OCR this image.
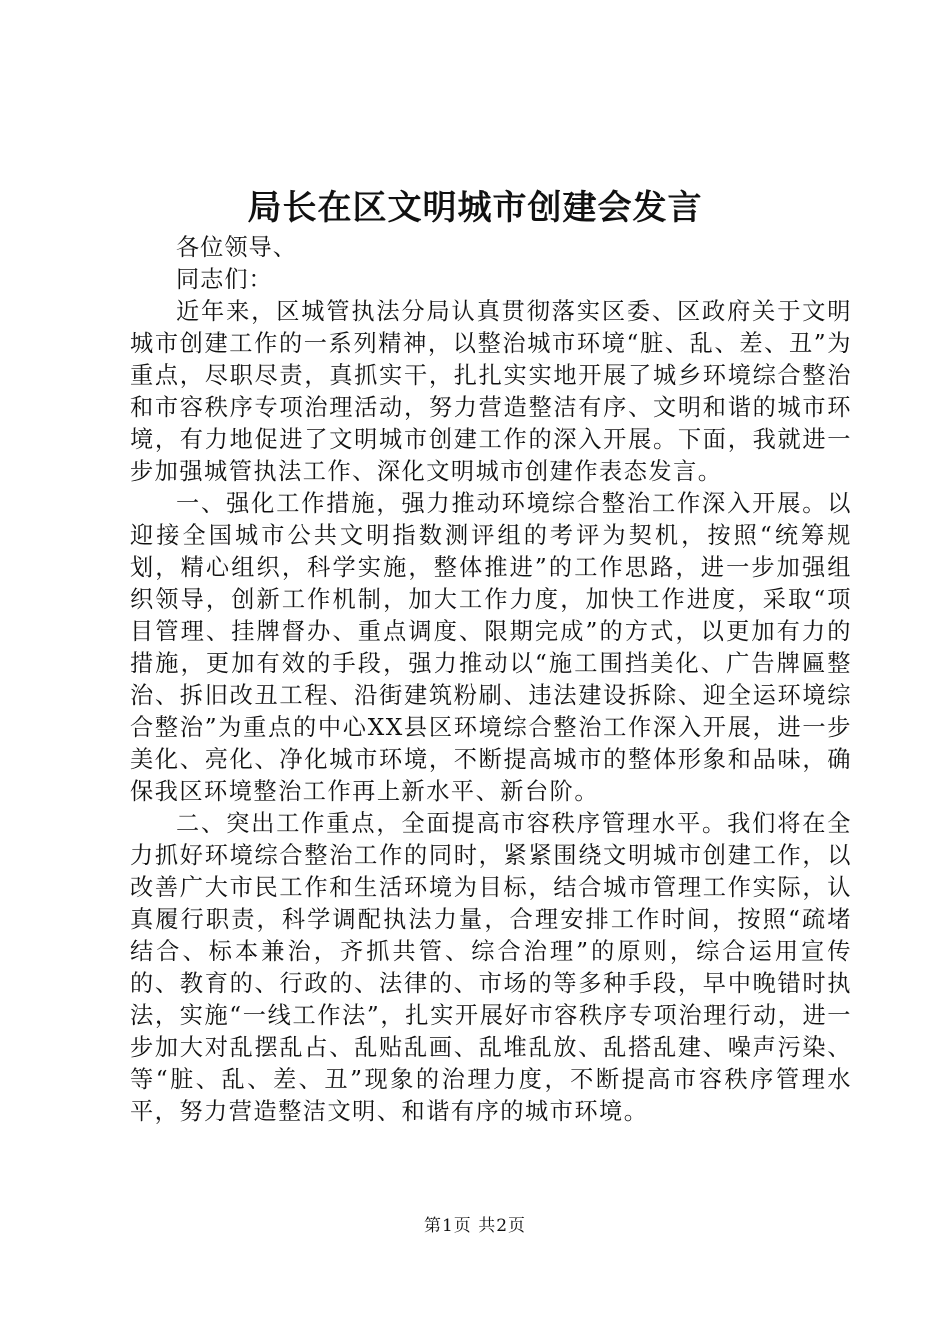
局长在区文明城市创建会发言

各位领导、

同志们：

近年来，区城管执法分局认真贯彻落实区委、区政府关于文明城市创建工作的一系列精神，以整治城市环境“脏、乱、差、丑”为重点，尽职尽责，真抓实干，扎扎实实地开展了城乡环境综合整治和市容秩序专项治理活动，努力营造整洁有序、文明和谐的城市环境，有力地促进了文明城市创建工作的深入开展。下面，我就进一步加强城管执法工作、深化文明城市创建作表态发言。

一、强化工作措施，强力推动环境综合整治工作深入开展。以迎接全国城市公共文明指数测评组的考评为契机，按照“统筹规划，精心组织，科学实施，整体推进”的工作思路，进一步加强组织领导，创新工作机制，加大工作力度，加快工作进度，采取“项目管理、挂牌督办、重点调度、限期完成”的方式，以更加有力的措施，更加有效的手段，强力推动以“施工围挡美化、广告牌匾整治、拆旧改丑工程、沿街建筑粉刷、违法建设拆除、迎全运环境综合整治”为重点的中心XX县区环境综合整治工作深入开展，进一步美化、亮化、净化城市环境，不断提高城市的整体形象和品味，确保我区环境整治工作再上新水平、新台阶。

二、突出工作重点，全面提高市容秩序管理水平。我们将在全力抓好环境综合整治工作的同时，紧紧围绕文明城市创建工作，以改善广大市民工作和生活环境为目标，结合城市管理工作实际，认真履行职责，科学调配执法力量，合理安排工作时间，按照“疏堵结合、标本兼治，齐抓共管、综合治理”的原则，综合运用宣传的、教育的、行政的、法律的、市场的等多种手段，早中晚错时执法，实施“一线工作法”，扎实开展好市容秩序专项治理行动，进一步加大对乱摆乱占、乱贴乱画、乱堆乱放、乱搭乱建、噪声污染、等“脏、乱、差、丑”现象的治理力度，不断提高市容秩序管理水平，努力营造整洁文明、和谐有序的城市环境。

第1页 共2页
